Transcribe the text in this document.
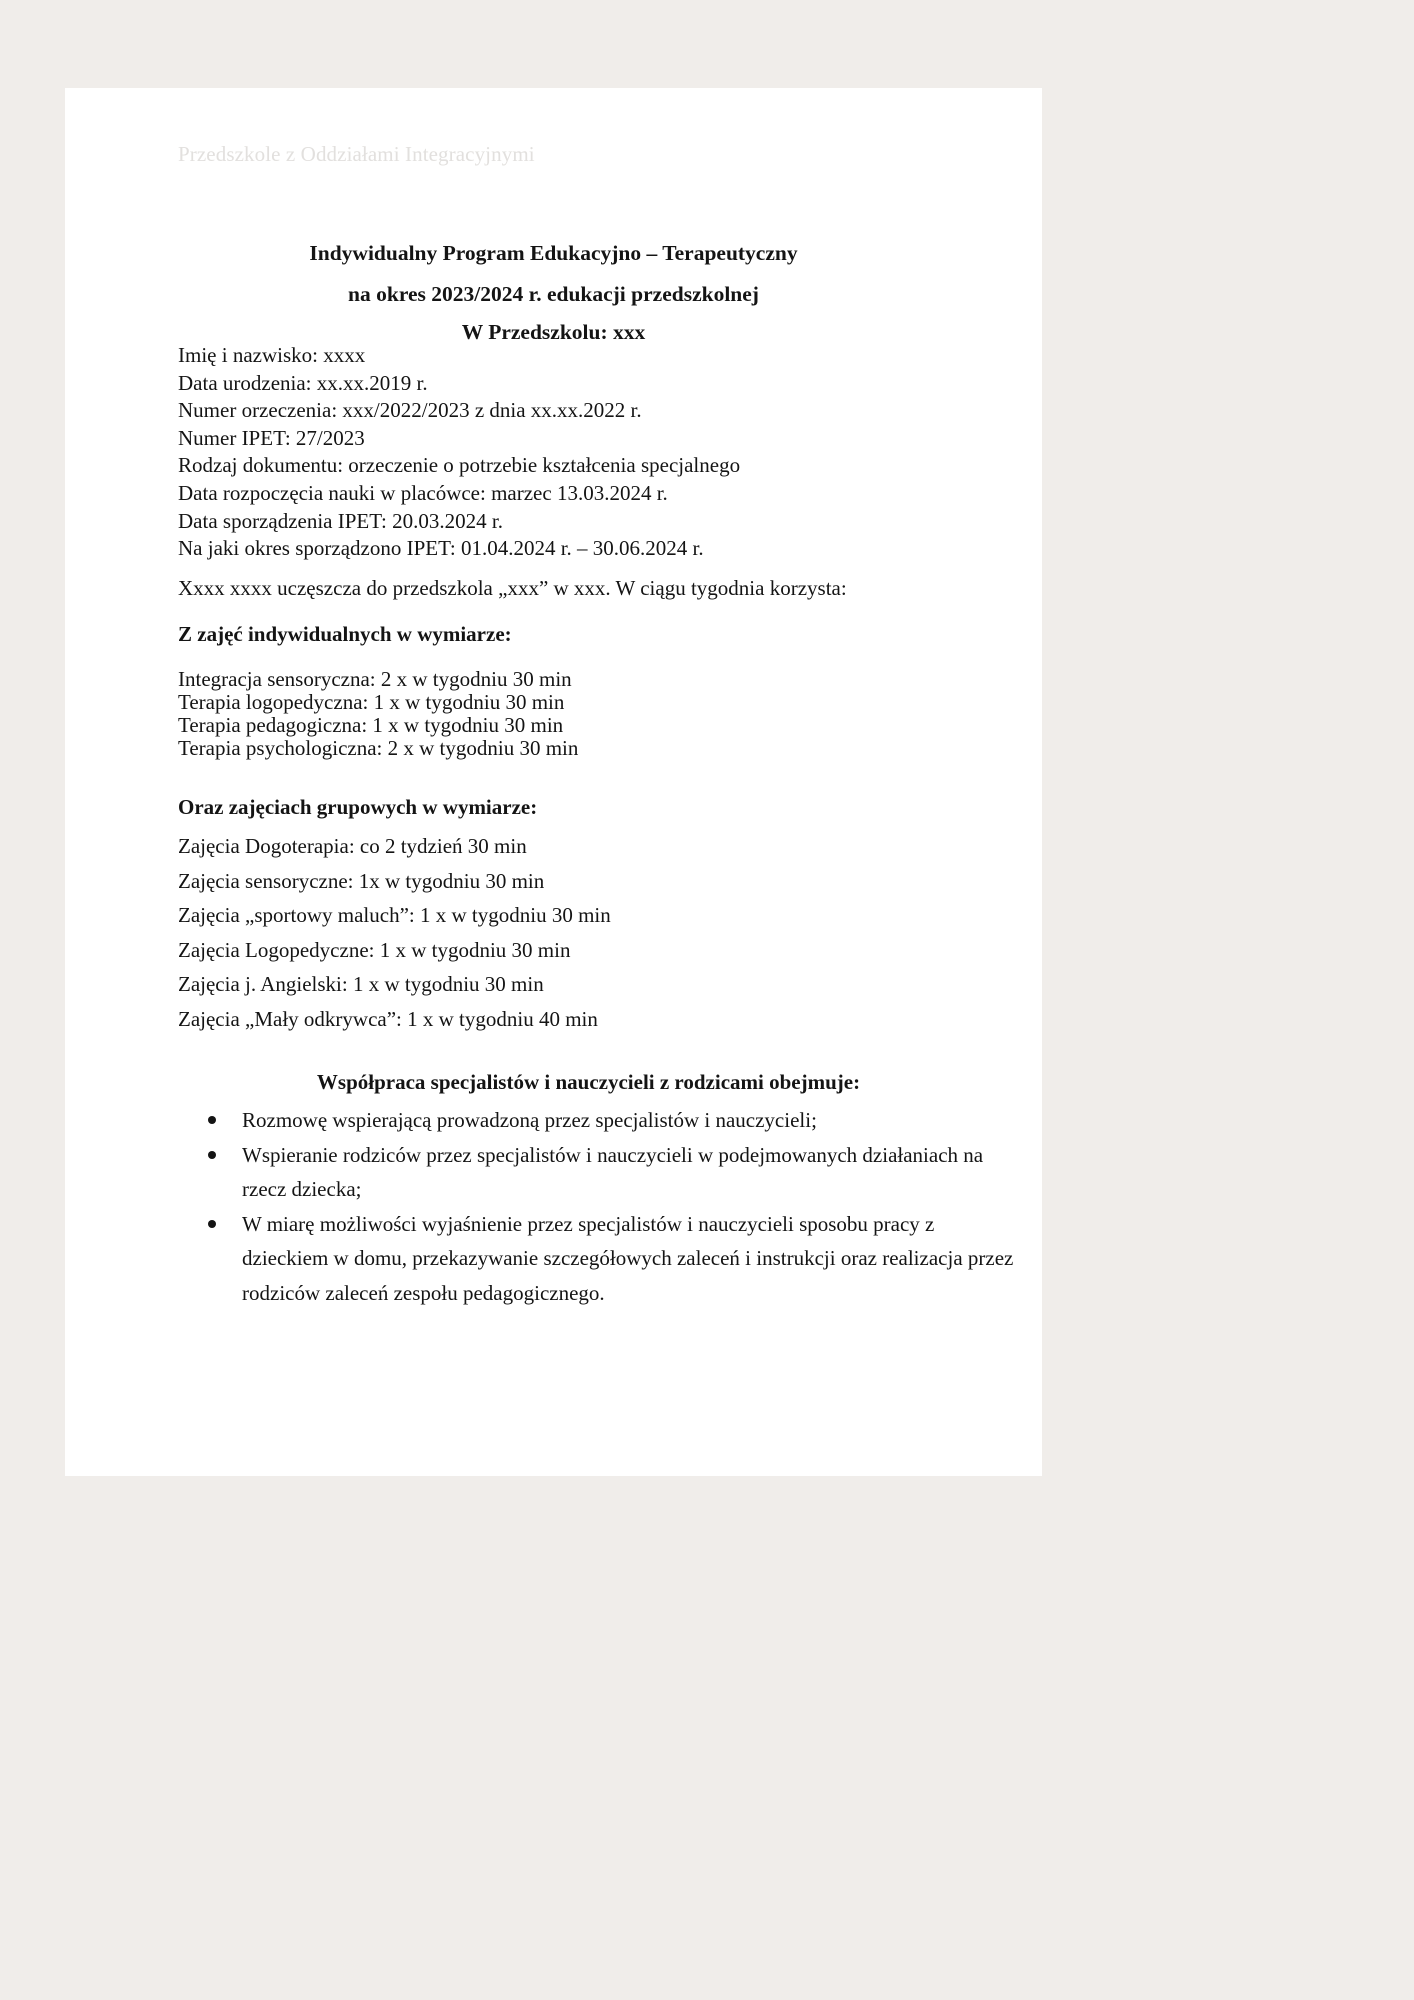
Przedszkole z Oddziałami Integracyjnymi
Indywidualny Program Edukacyjno – Terapeutyczny
na okres 2023/2024 r. edukacji przedszkolnej
W Przedszkolu: xxx
Imię i nazwisko: xxxx
Data urodzenia: xx.xx.2019 r.
Numer orzeczenia: xxx/2022/2023 z dnia xx.xx.2022 r.
Numer IPET: 27/2023
Rodzaj dokumentu: orzeczenie o potrzebie kształcenia specjalnego
Data rozpoczęcia nauki w placówce: marzec 13.03.2024 r.
Data sporządzenia IPET: 20.03.2024 r.
Na jaki okres sporządzono IPET: 01.04.2024 r. – 30.06.2024 r.
Xxxx xxxx uczęszcza do przedszkola „xxx” w xxx. W ciągu tygodnia korzysta:
Z zajęć indywidualnych w wymiarze:
Integracja sensoryczna: 2 x w tygodniu 30 min
Terapia logopedyczna: 1 x w tygodniu 30 min
Terapia pedagogiczna: 1 x w tygodniu 30 min
Terapia psychologiczna: 2 x w tygodniu 30 min
Oraz zajęciach grupowych w wymiarze:
Zajęcia Dogoterapia: co 2 tydzień 30 min
Zajęcia sensoryczne: 1x w tygodniu 30 min
Zajęcia „sportowy maluch”: 1 x w tygodniu 30 min
Zajęcia Logopedyczne: 1 x w tygodniu 30 min
Zajęcia j. Angielski: 1 x w tygodniu 30 min
Zajęcia „Mały odkrywca”: 1 x w tygodniu 40 min
Współpraca specjalistów i nauczycieli z rodzicami obejmuje:
Rozmowę wspierającą prowadzoną przez specjalistów i nauczycieli;
Wspieranie rodziców przez specjalistów i nauczycieli w podejmowanych działaniach na rzecz dziecka;
W miarę możliwości wyjaśnienie przez specjalistów i nauczycieli sposobu pracy z dzieckiem w domu, przekazywanie szczegółowych zaleceń i instrukcji oraz realizacja przez rodziców zaleceń zespołu pedagogicznego.
